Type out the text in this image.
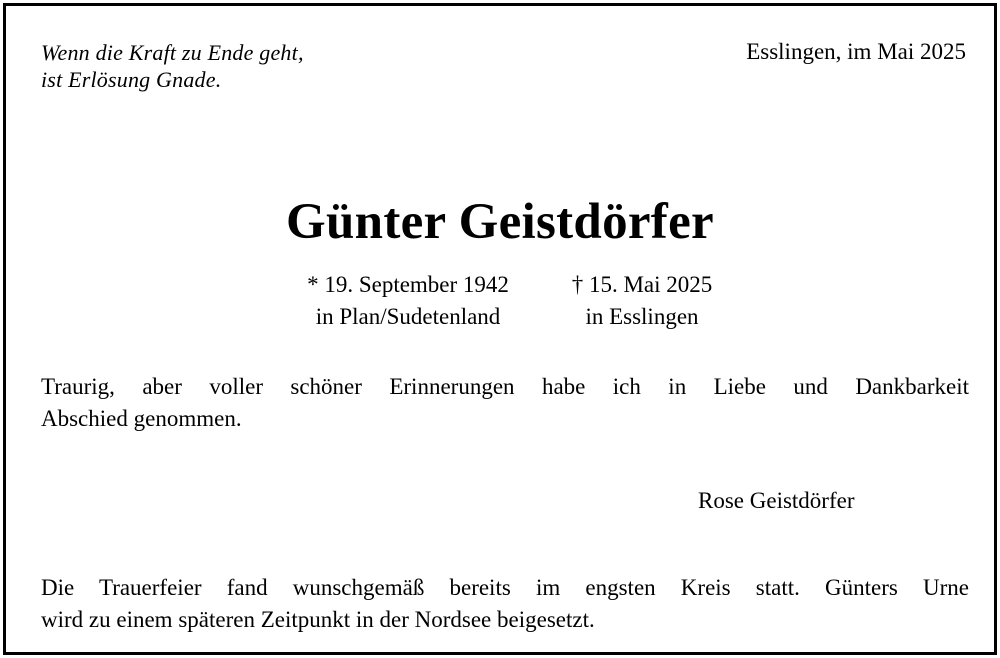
Wenn die Kraft zu Ende geht,
ist Erlösung Gnade.
Esslingen, im Mai 2025
Günter Geistdörfer
* 19. September 1942
in Plan/Sudetenland
† 15. Mai 2025
in Esslingen
Traurig, aber voller schöner Erinnerungen habe ich in Liebe und Dankbarkeit
Abschied genommen.
Rose Geistdörfer
Die Trauerfeier fand wunschgemäß bereits im engsten Kreis statt. Günters Urne
wird zu einem späteren Zeitpunkt in der Nordsee beigesetzt.
